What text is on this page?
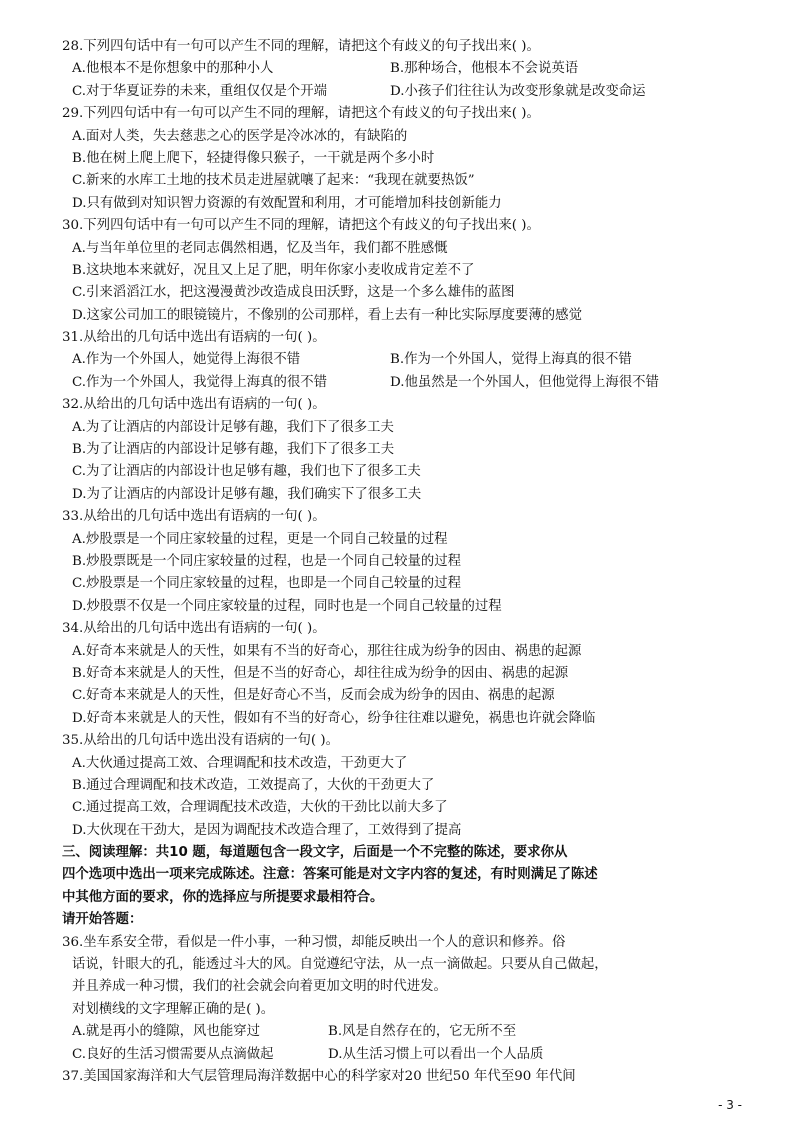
28.下列四句话中有一句可以产生不同的理解，请把这个有歧义的句子找出来( )。
A.他根本不是你想象中的那种小人	B.那种场合，他根本不会说英语
C.对于华夏证券的未来，重组仅仅是个开端	D.小孩子们往往认为改变形象就是改变命运
29.下列四句话中有一句可以产生不同的理解，请把这个有歧义的句子找出来( )。
A.面对人类，失去慈悲之心的医学是冷冰冰的，有缺陷的
B.他在树上爬上爬下，轻捷得像只猴子，一干就是两个多小时
C.新来的水库工土地的技术员走进屋就嚷了起来：“我现在就要热饭”
D.只有做到对知识智力资源的有效配置和利用，才可能增加科技创新能力
30.下列四句话中有一句可以产生不同的理解，请把这个有歧义的句子找出来( )。
A.与当年单位里的老同志偶然相遇，忆及当年，我们都不胜感慨
B.这块地本来就好，况且又上足了肥，明年你家小麦收成肯定差不了
C.引来滔滔江水，把这漫漫黄沙改造成良田沃野，这是一个多么雄伟的蓝图
D.这家公司加工的眼镜镜片，不像别的公司那样，看上去有一种比实际厚度要薄的感觉
31.从给出的几句话中选出有语病的一句( )。
A.作为一个外国人，她觉得上海很不错	B.作为一个外国人，觉得上海真的很不错
C.作为一个外国人，我觉得上海真的很不错	D.他虽然是一个外国人，但他觉得上海很不错
32.从给出的几句话中选出有语病的一句( )。
A.为了让酒店的内部设计足够有趣，我们下了很多工夫
B.为了让酒店的内部设计足够有趣，我们下了很多工夫
C.为了让酒店的内部设计也足够有趣，我们也下了很多工夫
D.为了让酒店的内部设计足够有趣，我们确实下了很多工夫
33.从给出的几句话中选出有语病的一句( )。
A.炒股票是一个同庄家较量的过程，更是一个同自己较量的过程
B.炒股票既是一个同庄家较量的过程，也是一个同自己较量的过程
C.炒股票是一个同庄家较量的过程，也即是一个同自己较量的过程
D.炒股票不仅是一个同庄家较量的过程，同时也是一个同自己较量的过程
34.从给出的几句话中选出有语病的一句( )。
A.好奇本来就是人的天性，如果有不当的好奇心，那往往成为纷争的因由、祸患的起源
B.好奇本来就是人的天性，但是不当的好奇心，却往往成为纷争的因由、祸患的起源
C.好奇本来就是人的天性，但是好奇心不当，反而会成为纷争的因由、祸患的起源
D.好奇本来就是人的天性，假如有不当的好奇心，纷争往往难以避免，祸患也许就会降临
35.从给出的几句话中选出没有语病的一句( )。
A.大伙通过提高工效、合理调配和技术改造，干劲更大了
B.通过合理调配和技术改造，工效提高了，大伙的干劲更大了
C.通过提高工效，合理调配技术改造，大伙的干劲比以前大多了
D.大伙现在干劲大，是因为调配技术改造合理了，工效得到了提高
三、阅读理解：共10 题，每道题包含一段文字，后面是一个不完整的陈述，要求你从
四个选项中选出一项来完成陈述。注意：答案可能是对文字内容的复述，有时则满足了陈述
中其他方面的要求，你的选择应与所提要求最相符合。
请开始答题：
36.坐车系安全带，看似是一件小事，一种习惯，却能反映出一个人的意识和修养。俗
话说，针眼大的孔，能透过斗大的风。自觉遵纪守法，从一点一滴做起。只要从自己做起，
并且养成一种习惯，我们的社会就会向着更加文明的时代进发。
对划横线的文字理解正确的是( )。
A.就是再小的缝隙，风也能穿过	B.风是自然存在的，它无所不至
C.良好的生活习惯需要从点滴做起	D.从生活习惯上可以看出一个人品质
37.美国国家海洋和大气层管理局海洋数据中心的科学家对20 世纪50 年代至90 年代间
- 3 -
